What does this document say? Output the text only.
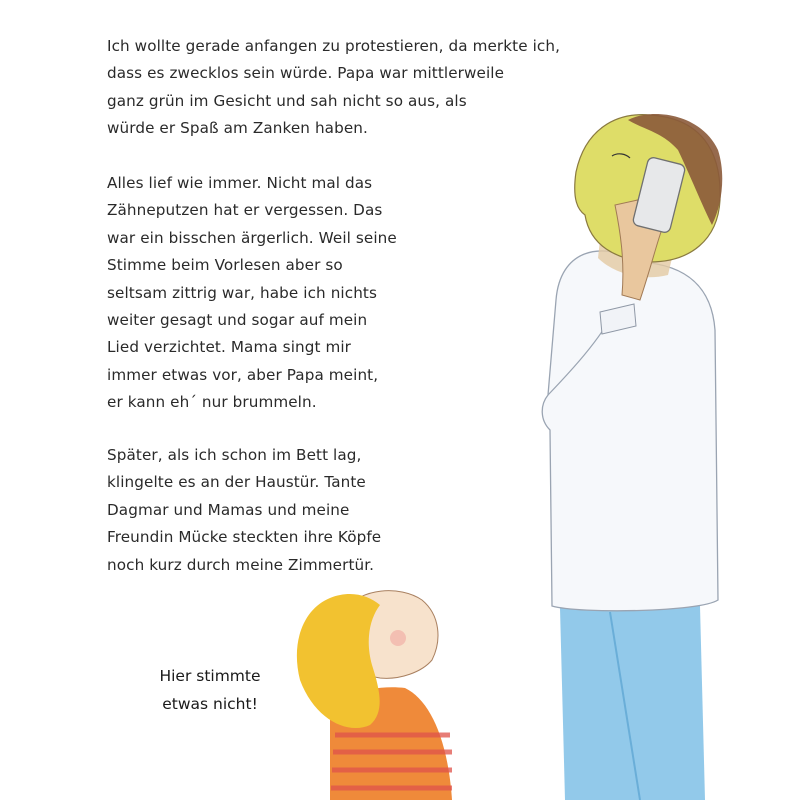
Ich wollte gerade anfangen zu protestieren, da merkte ich,
dass es zwecklos sein würde. Papa war mittlerweile
ganz grün im Gesicht und sah nicht so aus, als
würde er Spaß am Zanken haben.
Alles lief wie immer. Nicht mal das
Zähneputzen hat er vergessen. Das
war ein bisschen ärgerlich. Weil seine
Stimme beim Vorlesen aber so
seltsam zittrig war, habe ich nichts
weiter gesagt und sogar auf mein
Lied verzichtet. Mama singt mir
immer etwas vor, aber Papa meint,
er kann eh´ nur brummeln.
Später, als ich schon im Bett lag,
klingelte es an der Haustür. Tante
Dagmar und Mamas und meine
Freundin Mücke steckten ihre Köpfe
noch kurz durch meine Zimmertür.
Hier stimmte
etwas nicht!
